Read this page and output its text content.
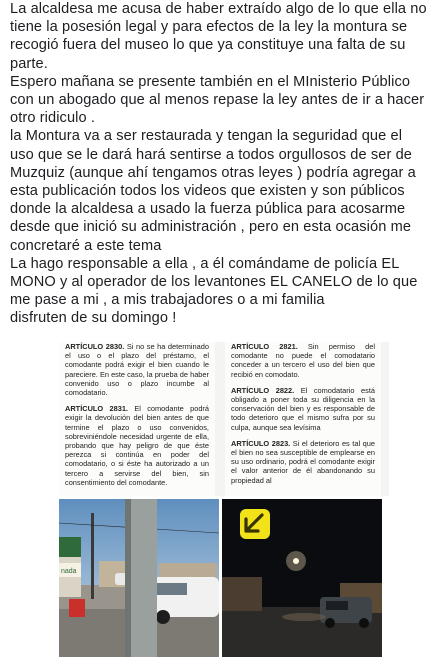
La alcaldesa me acusa de haber extraído algo de lo que ella no tiene la posesión legal y para efectos de la ley la montura se recogió fuera del museo lo que ya constituye una falta de su parte.

Espero mañana se presente también en el MInisterio Público con un abogado que al menos repase la ley antes de ir a hacer otro ridiculo .

la Montura va a ser restaurada y tengan la seguridad que el uso que se le dará hará sentirse a todos orgullosos de ser de Muzquiz (aunque ahí tengamos otras leyes ) podría agregar a esta publicación todos los videos que existen y son públicos donde la alcaldesa a usado la fuerza pública para acosarme desde que inició su administración , pero en esta ocasión me concretaré a este tema

La hago responsable a ella , a él comándame de policía EL MONO y al operador de los levantones EL CANELO de lo que me pase a mi , a mis trabajadores o a mi familia

disfruten de su domingo !

ARTÍCULO 2830. Si no se ha determinado el uso o el plazo del préstamo, el comodante podrá exigir el bien cuando le pareciere. En este caso, la prueba de haber convenido uso o plazo incumbe al comodatario.

ARTÍCULO 2831. El comodante podrá exigir la devolución del bien antes de que termine el plazo o uso convenidos, sobreviniéndole necesidad urgente de ella, probando que hay peligro de que éste perezca si continúa en poder del comodatario, o si éste ha autorizado a un tercero a servirse del bien, sin consentimiento del comodante.

ARTÍCULO 2821. Sin permiso del comodante no puede el comodatario conceder a un tercero el uso del bien que recibió en comodato.

ARTÍCULO 2822. El comodatario está obligado a poner toda su diligencia en la conservación del bien y es responsable de todo deterioro que el mismo sufra por su culpa, aunque sea levísima

ARTÍCULO 2823. Si el deterioro es tal que el bien no sea susceptible de emplearse en su uso ordinario, podrá el comodante exigir el valor anterior de él abandonando su propiedad al

nada
